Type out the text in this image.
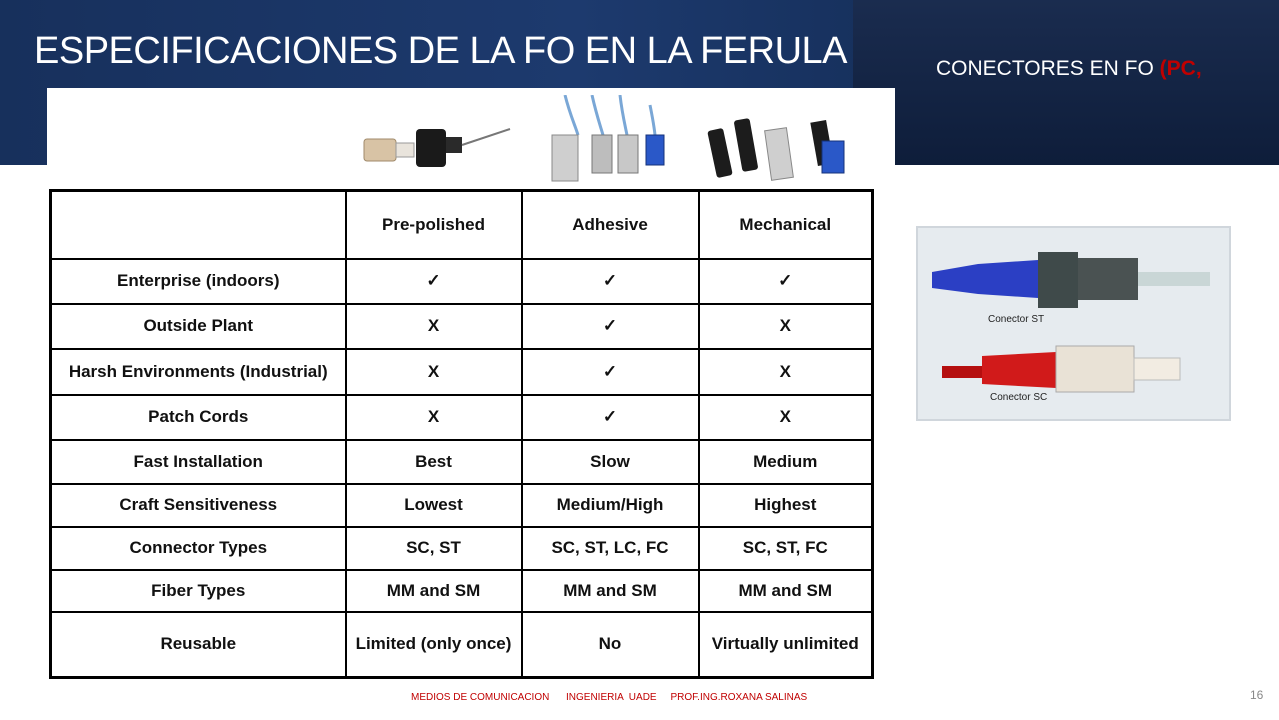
ESPECIFICACIONES DE LA FO EN LA FERULA	CONECTORES EN FO (PC,
	Pre-polished	Adhesive	Mechanical
Enterprise (indoors)	✓	✓	✓
Outside Plant	X	✓	X
Harsh Environments (Industrial)	X	✓	X
Patch Cords	X	✓	X
Fast Installation	Best	Slow	Medium
Craft Sensitiveness	Lowest	Medium/High	Highest
Connector Types	SC, ST	SC, ST, LC, FC	SC, ST, FC
Fiber Types	MM and SM	MM and SM	MM and SM
Reusable	Limited (only once)	No	Virtually unlimited
Conector ST
Conector SC
MEDIOS DE COMUNICACION INGENIERIA  UADE PROF.ING.ROXANA SALINAS	16
